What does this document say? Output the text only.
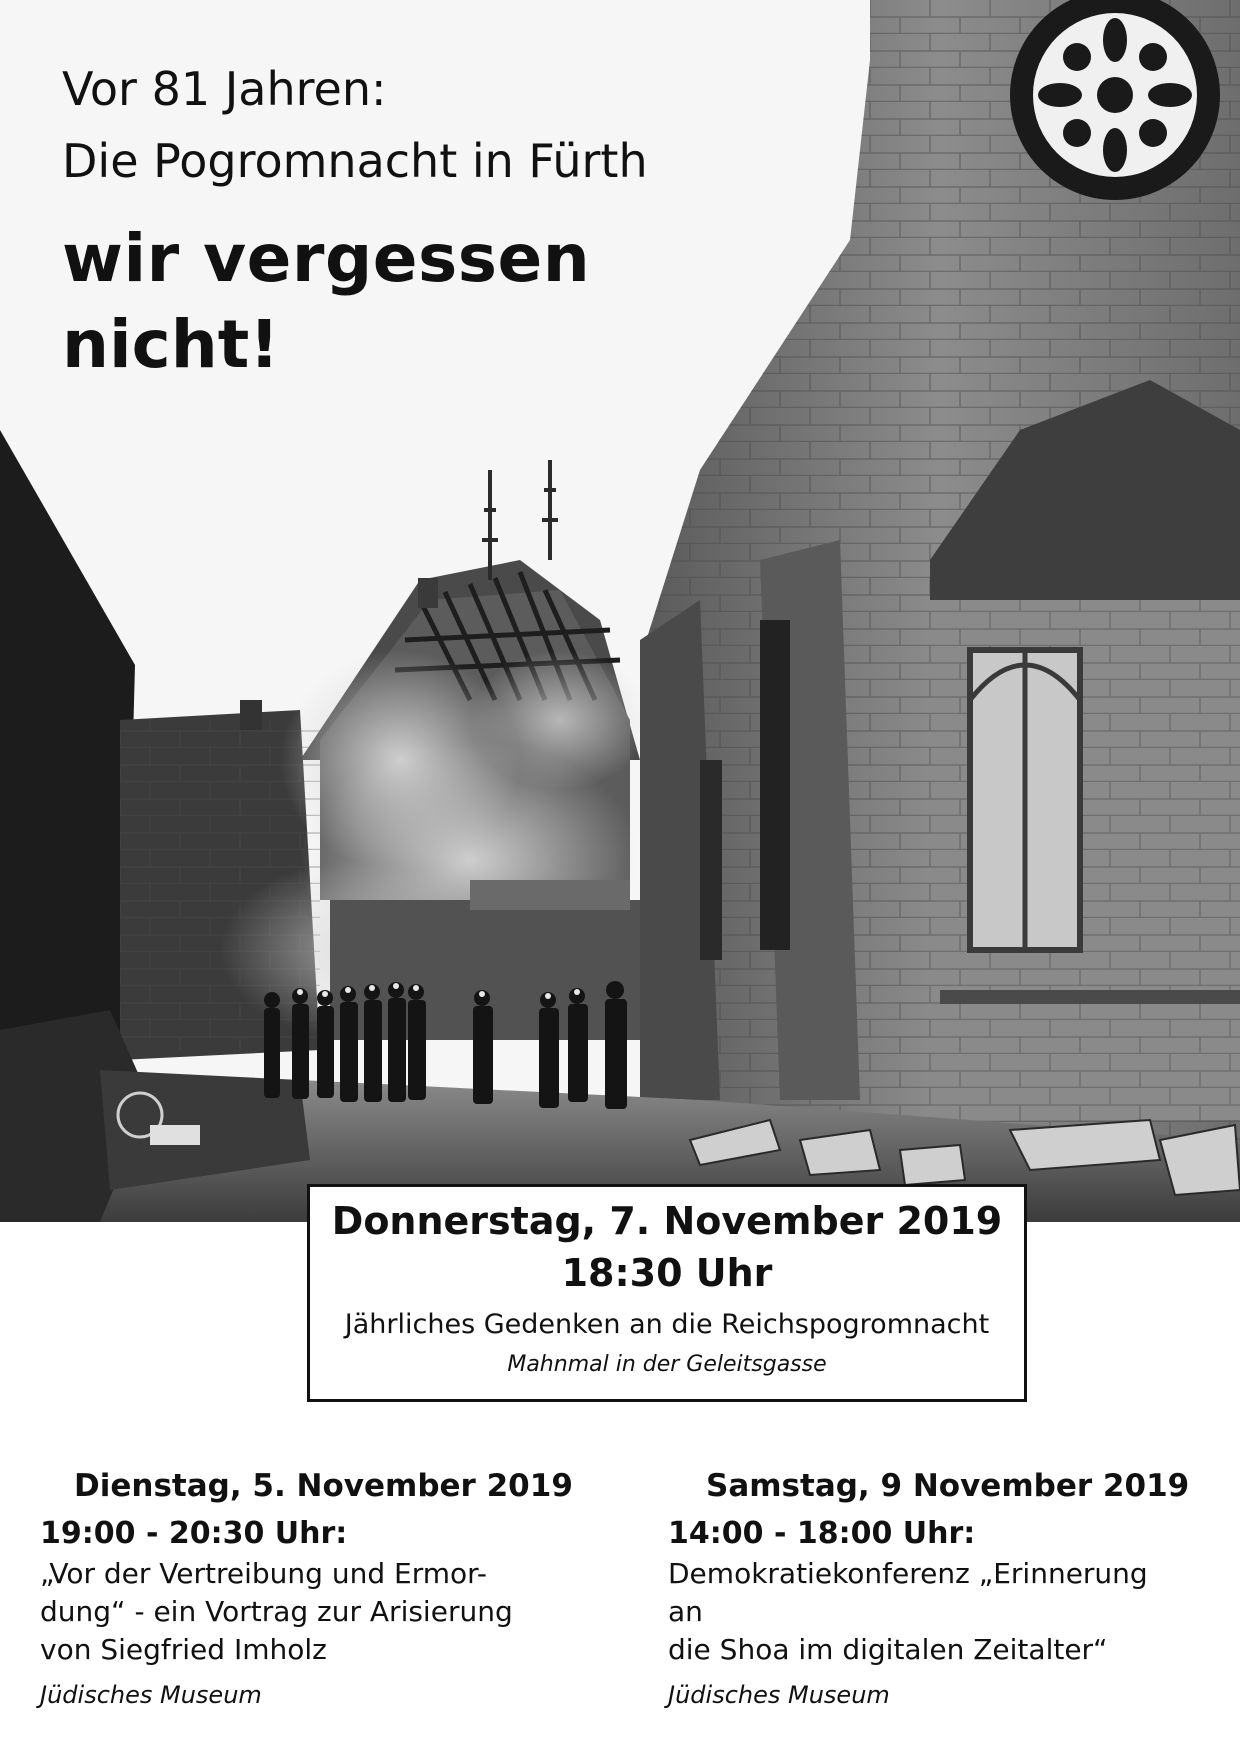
Vor 81 Jahren:
Die Pogromnacht in Fürth
wir vergessen
nicht!
Donnerstag, 7. November 2019
18:30 Uhr
Jährliches Gedenken an die Reichspogromnacht
Mahnmal in der Geleitsgasse
Dienstag, 5. November 2019
19:00 - 20:30 Uhr:
„Vor der Vertreibung und Ermor-
dung“ - ein Vortrag zur Arisierung
von Siegfried Imholz
Jüdisches Museum
Samstag, 9 November 2019
14:00 - 18:00 Uhr:
Demokratiekonferenz „Erinnerung an
die Shoa im digitalen Zeitalter“
Jüdisches Museum
